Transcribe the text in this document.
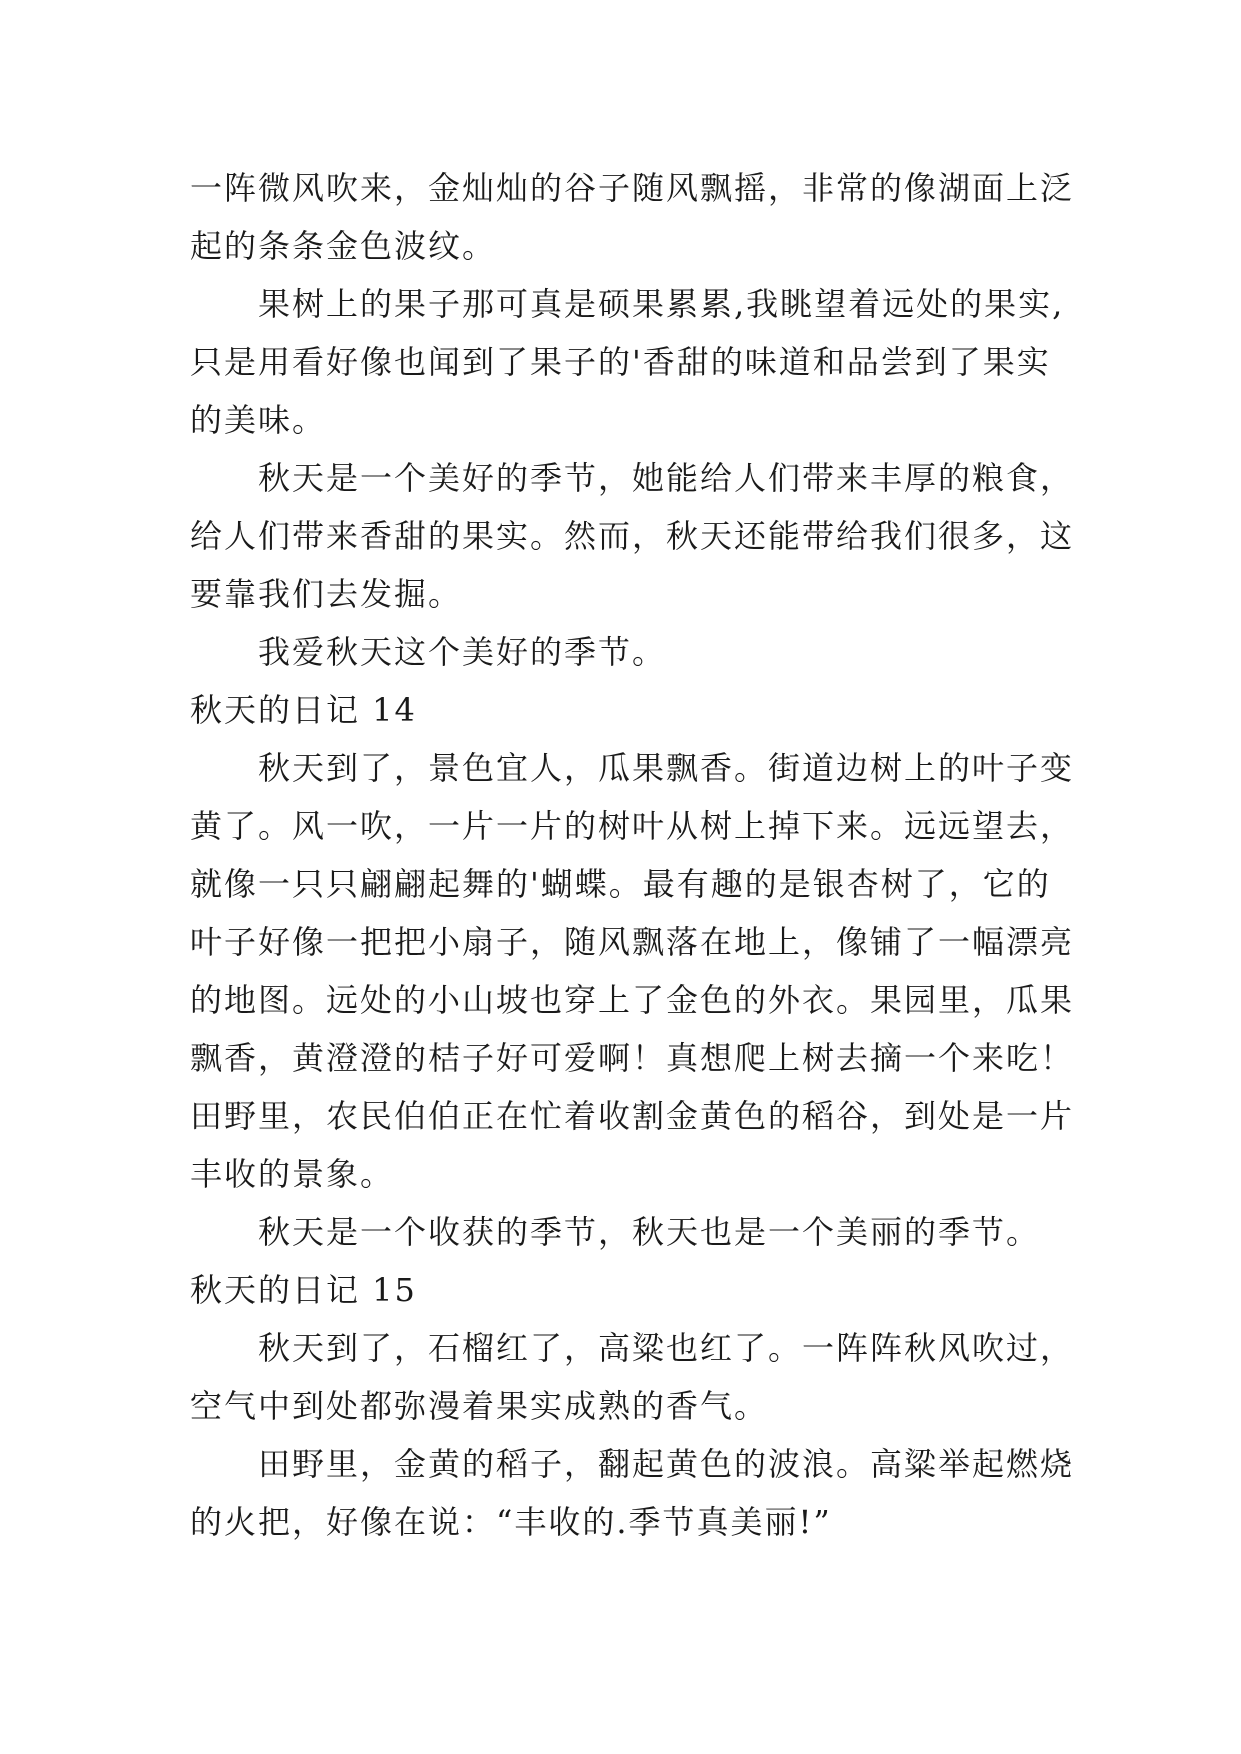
一阵微风吹来，金灿灿的谷子随风飘摇，非常的像湖面上泛
起的条条金色波纹。
果树上的果子那可真是硕果累累,我眺望着远处的果实,
只是用看好像也闻到了果子的'香甜的味道和品尝到了果实
的美味。
秋天是一个美好的季节，她能给人们带来丰厚的粮食，
给人们带来香甜的果实。然而，秋天还能带给我们很多，这
要靠我们去发掘。
我爱秋天这个美好的季节。
秋天的日记 14
秋天到了，景色宜人，瓜果飘香。街道边树上的叶子变
黄了。风一吹，一片一片的树叶从树上掉下来。远远望去，
就像一只只翩翩起舞的'蝴蝶。最有趣的是银杏树了，它的
叶子好像一把把小扇子，随风飘落在地上，像铺了一幅漂亮
的地图。远处的小山坡也穿上了金色的外衣。果园里，瓜果
飘香，黄澄澄的桔子好可爱啊！真想爬上树去摘一个来吃！
田野里，农民伯伯正在忙着收割金黄色的稻谷，到处是一片
丰收的景象。
秋天是一个收获的季节，秋天也是一个美丽的季节。
秋天的日记 15
秋天到了，石榴红了，高粱也红了。一阵阵秋风吹过，
空气中到处都弥漫着果实成熟的香气。
田野里，金黄的稻子，翻起黄色的波浪。高粱举起燃烧
的火把，好像在说：“丰收的.季节真美丽!”
